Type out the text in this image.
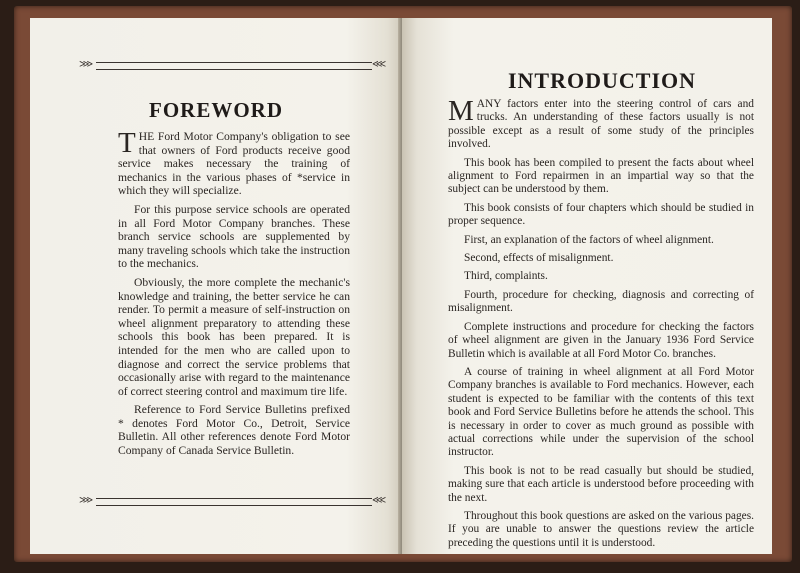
⋙	⋘
FOREWORD

THE Ford Motor Company's obligation to see that owners of Ford products receive good service makes necessary the training of mechanics in the various phases of *service in which they will specialize.

For this purpose service schools are operated in all Ford Motor Company branches. These branch service schools are supplemented by many traveling schools which take the instruction to the mechanics.

Obviously, the more complete the mechanic's knowledge and training, the better service he can render. To permit a measure of self-instruction on wheel alignment preparatory to attending these schools this book has been prepared. It is intended for the men who are called upon to diagnose and correct the service problems that occasionally arise with regard to the maintenance of correct steering control and maximum tire life.

Reference to Ford Service Bulletins prefixed * denotes Ford Motor Co., Detroit, Service Bulletin. All other references denote Ford Motor Company of Canada Service Bulletin.

⋙	⋘
INTRODUCTION

MANY factors enter into the steering control of cars and trucks. An understanding of these factors usually is not possible except as a result of some study of the principles involved.

This book has been compiled to present the facts about wheel alignment to Ford repairmen in an impartial way so that the subject can be understood by them.

This book consists of four chapters which should be studied in proper sequence.

First, an explanation of the factors of wheel alignment.

Second, effects of misalignment.

Third, complaints.

Fourth, procedure for checking, diagnosis and correcting of misalignment.

Complete instructions and procedure for checking the factors of wheel alignment are given in the January 1936 Ford Service Bulletin which is available at all Ford Motor Co. branches.

A course of training in wheel alignment at all Ford Motor Company branches is available to Ford mechanics. However, each student is expected to be familiar with the contents of this text book and Ford Service Bulletins before he attends the school. This is necessary in order to cover as much ground as possible with actual corrections while under the supervision of the school instructor.

This book is not to be read casually but should be studied, making sure that each article is understood before proceeding with the next.

Throughout this book questions are asked on the various pages. If you are unable to answer the questions review the article preceding the questions until it is understood.
